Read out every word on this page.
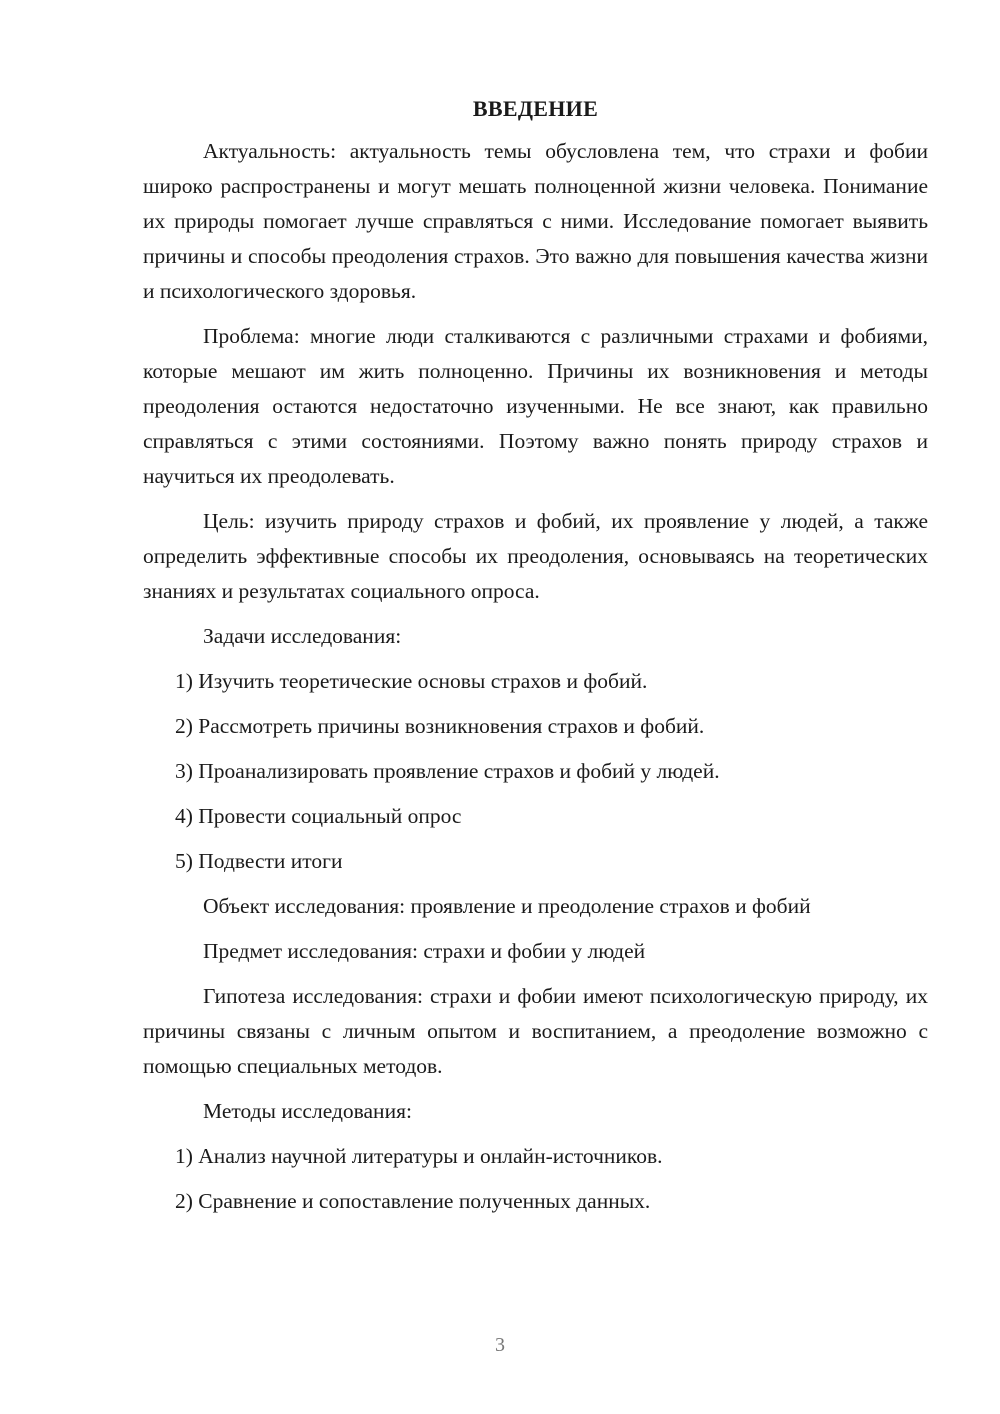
ВВЕДЕНИЕ

Актуальность: актуальность темы обусловлена тем, что страхи и фобии широко распространены и могут мешать полноценной жизни человека. Понимание их природы помогает лучше справляться с ними. Исследование помогает выявить причины и способы преодоления страхов. Это важно для повышения качества жизни и психологического здоровья.

Проблема: многие люди сталкиваются с различными страхами и фобиями, которые мешают им жить полноценно. Причины их возникновения и методы преодоления остаются недостаточно изученными. Не все знают, как правильно справляться с этими состояниями. Поэтому важно понять природу страхов и научиться их преодолевать.

Цель: изучить природу страхов и фобий, их проявление у людей, а также определить эффективные способы их преодоления, основываясь на теоретических знаниях и результатах социального опроса.

Задачи исследования:

1) Изучить теоретические основы страхов и фобий.

2) Рассмотреть причины возникновения страхов и фобий.

3) Проанализировать проявление страхов и фобий у людей.

4) Провести социальный опрос

5) Подвести итоги

Объект исследования: проявление и преодоление страхов и фобий

Предмет исследования: страхи и фобии у людей

Гипотеза исследования: страхи и фобии имеют психологическую природу, их причины связаны с личным опытом и воспитанием, а преодоление возможно с помощью специальных методов.

Методы исследования:

1) Анализ научной литературы и онлайн-источников.

2) Сравнение и сопоставление полученных данных.

3
